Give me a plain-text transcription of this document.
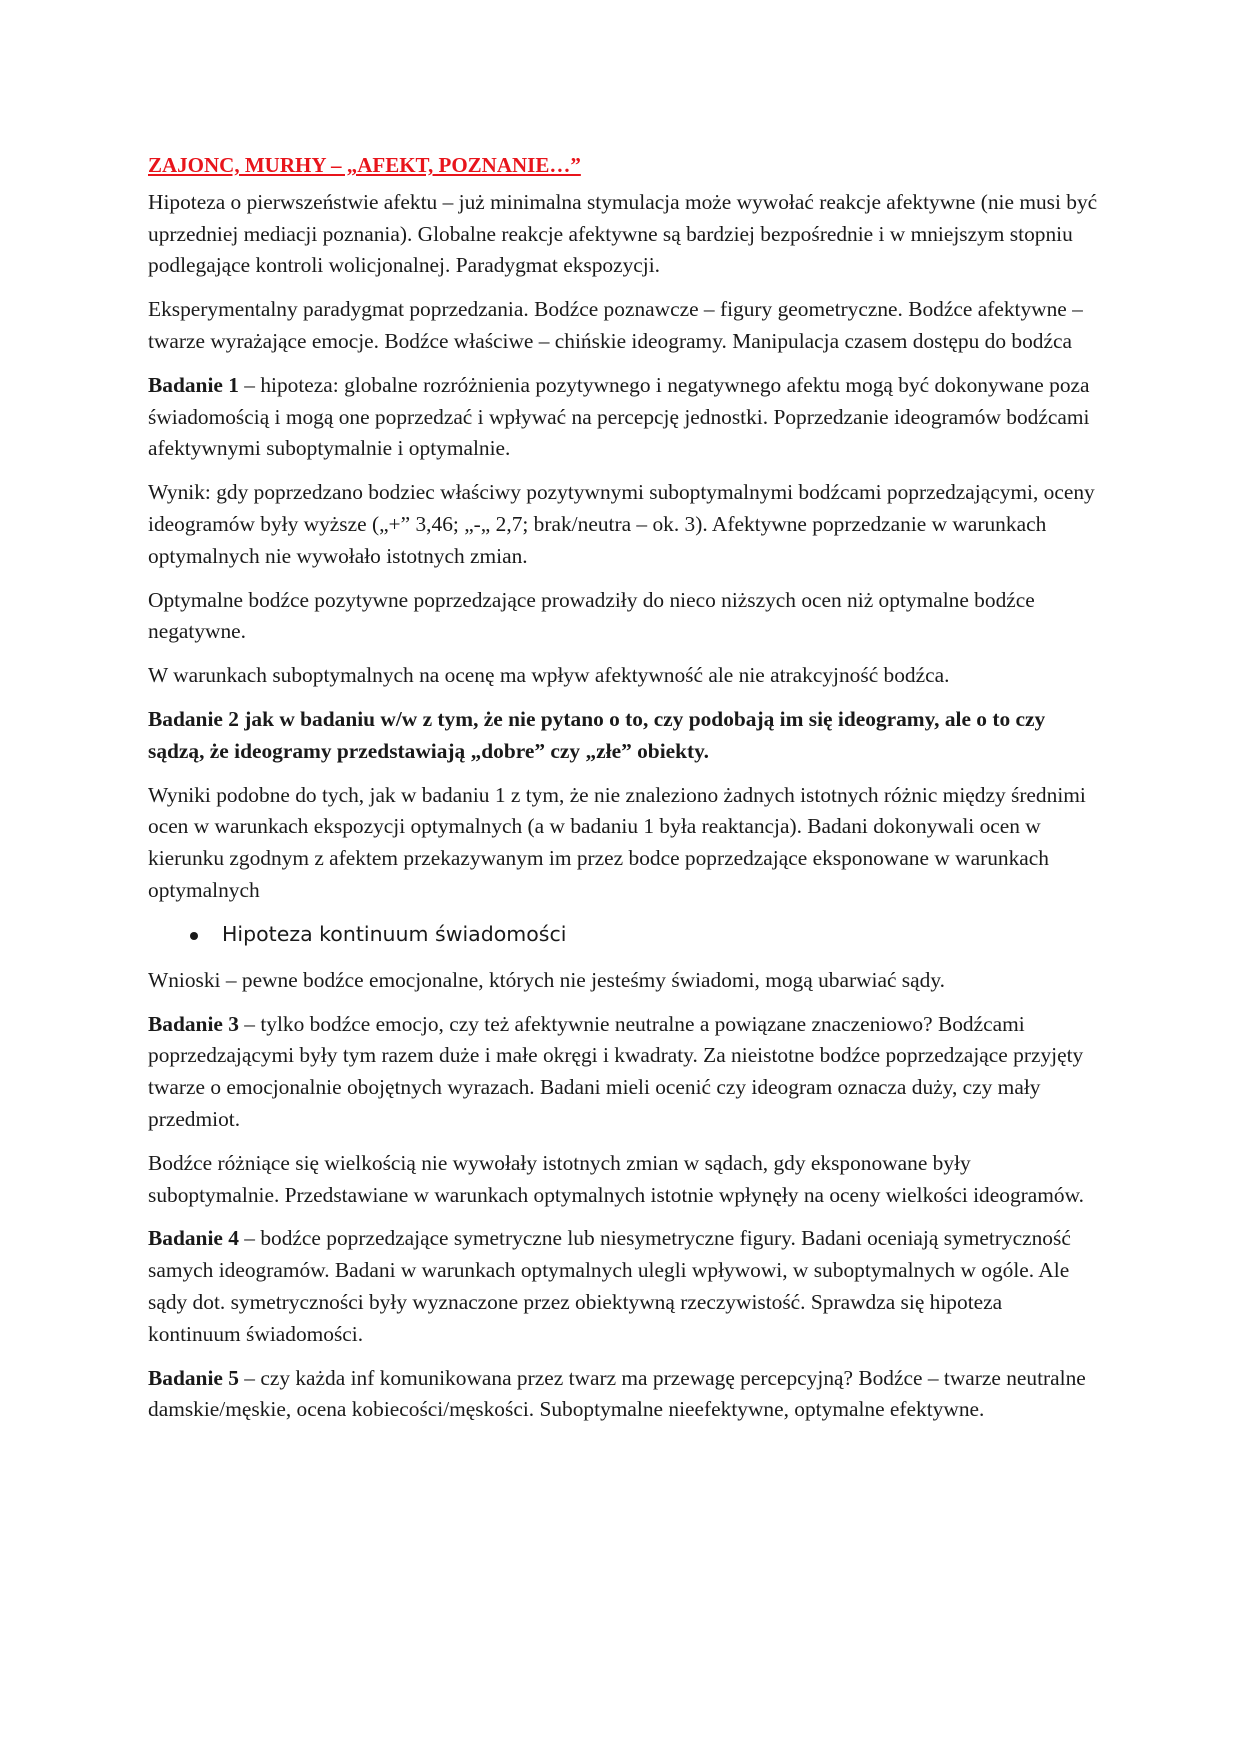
ZAJONC, MURHY – „AFEKT, POZNANIE…”

Hipoteza o pierwszeństwie afektu – już minimalna stymulacja może wywołać reakcje afektywne (nie musi być uprzedniej mediacji poznania). Globalne reakcje afektywne są bardziej bezpośrednie i w mniejszym stopniu podlegające kontroli wolicjonalnej. Paradygmat ekspozycji.

Eksperymentalny paradygmat poprzedzania. Bodźce poznawcze – figury geometryczne. Bodźce afektywne – twarze wyrażające emocje. Bodźce właściwe – chińskie ideogramy. Manipulacja czasem dostępu do bodźca

Badanie 1 – hipoteza: globalne rozróżnienia pozytywnego i negatywnego afektu mogą być dokonywane poza świadomością i mogą one poprzedzać i wpływać na percepcję jednostki. Poprzedzanie ideogramów bodźcami afektywnymi suboptymalnie i optymalnie.

Wynik: gdy poprzedzano bodziec właściwy pozytywnymi suboptymalnymi bodźcami poprzedzającymi, oceny ideogramów były wyższe („+” 3,46; „-„ 2,7; brak/neutra – ok. 3). Afektywne poprzedzanie w warunkach optymalnych nie wywołało istotnych zmian.

Optymalne bodźce pozytywne poprzedzające prowadziły do nieco niższych ocen niż optymalne bodźce negatywne.

W warunkach suboptymalnych na ocenę ma wpływ afektywność ale nie atrakcyjność bodźca.

Badanie 2 jak w badaniu w/w z tym, że nie pytano o to, czy podobają im się ideogramy, ale o to czy sądzą, że ideogramy przedstawiają „dobre” czy „złe” obiekty.

Wyniki podobne do tych, jak w badaniu 1 z tym, że nie znaleziono żadnych istotnych różnic między średnimi ocen w warunkach ekspozycji optymalnych (a w badaniu 1 była reaktancja). Badani dokonywali ocen w kierunku zgodnym z afektem przekazywanym im przez bodce poprzedzające eksponowane w warunkach optymalnych

Hipoteza kontinuum świadomości

Wnioski – pewne bodźce emocjonalne, których nie jesteśmy świadomi, mogą ubarwiać sądy.

Badanie 3 – tylko bodźce emocjo, czy też afektywnie neutralne a powiązane znaczeniowo? Bodźcami poprzedzającymi były tym razem duże i małe okręgi i kwadraty. Za nieistotne bodźce poprzedzające przyjęty twarze o emocjonalnie obojętnych wyrazach. Badani mieli ocenić czy ideogram oznacza duży, czy mały przedmiot.

Bodźce różniące się wielkością nie wywołały istotnych zmian w sądach, gdy eksponowane były suboptymalnie. Przedstawiane w warunkach optymalnych istotnie wpłynęły na oceny wielkości ideogramów.

Badanie 4 – bodźce poprzedzające symetryczne lub niesymetryczne figury. Badani oceniają symetryczność samych ideogramów. Badani w warunkach optymalnych ulegli wpływowi, w suboptymalnych w ogóle. Ale sądy dot. symetryczności były wyznaczone przez obiektywną rzeczywistość. Sprawdza się hipoteza kontinuum świadomości.

Badanie 5 – czy każda inf komunikowana przez twarz ma przewagę percepcyjną? Bodźce – twarze neutralne damskie/męskie, ocena kobiecości/męskości. Suboptymalne nieefektywne, optymalne efektywne.
